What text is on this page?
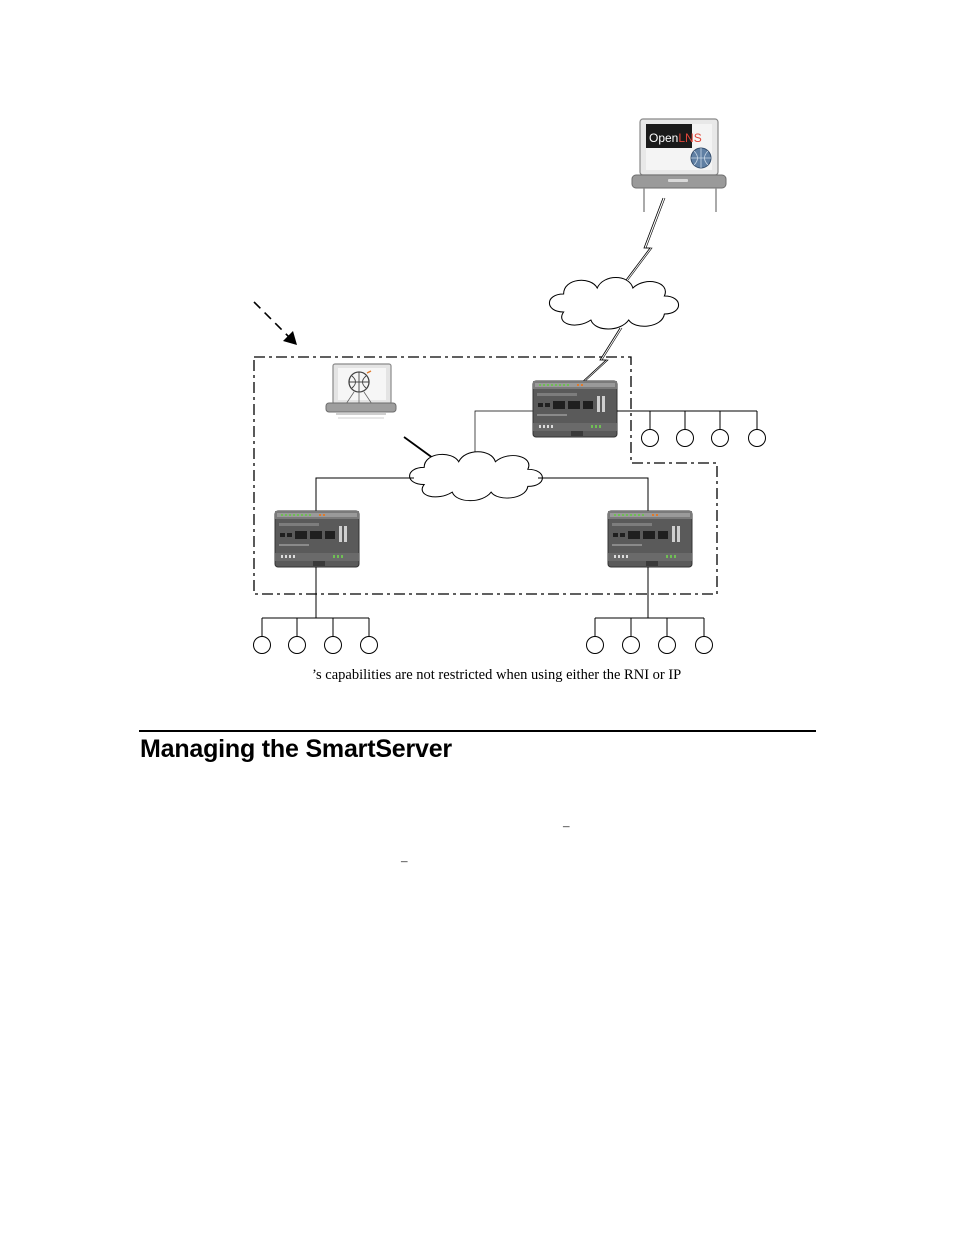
OpenLNS
’s capabilities are not restricted when using either the RNI or IP
Managing the SmartServer
–
–
